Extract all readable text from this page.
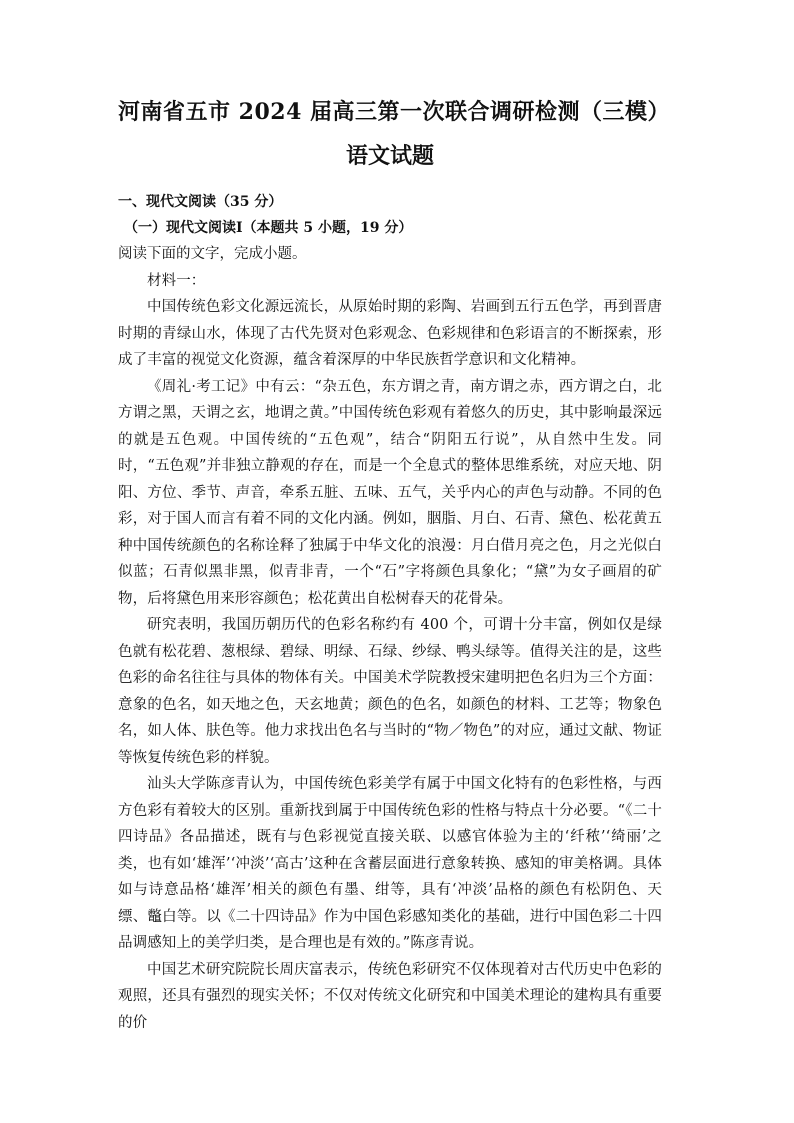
河南省五市 2024 届高三第一次联合调研检测（三模）
语文试题

一、现代文阅读（35 分）

（一）现代文阅读Ⅰ（本题共 5 小题，19 分）

阅读下面的文字，完成小题。

材料一：

中国传统色彩文化源远流长，从原始时期的彩陶、岩画到五行五色学，再到晋唐时期的青绿山水，体现了古代先贤对色彩观念、色彩规律和色彩语言的不断探索，形成了丰富的视觉文化资源，蕴含着深厚的中华民族哲学意识和文化精神。

《周礼·考工记》中有云：“杂五色，东方谓之青，南方谓之赤，西方谓之白，北方谓之黑，天谓之玄，地谓之黄。”中国传统色彩观有着悠久的历史，其中影响最深远的就是五色观。中国传统的“五色观”，结合“阴阳五行说”，从自然中生发。同时，“五色观”并非独立静观的存在，而是一个全息式的整体思维系统，对应天地、阴阳、方位、季节、声音，牵系五脏、五味、五气，关乎内心的声色与动静。不同的色彩，对于国人而言有着不同的文化内涵。例如，胭脂、月白、石青、黛色、松花黄五种中国传统颜色的名称诠释了独属于中华文化的浪漫：月白借月亮之色，月之光似白似蓝；石青似黑非黑，似青非青，一个“石”字将颜色具象化；“黛”为女子画眉的矿物，后将黛色用来形容颜色；松花黄出自松树春天的花骨朵。

研究表明，我国历朝历代的色彩名称约有 400 个，可谓十分丰富，例如仅是绿色就有松花碧、葱根绿、碧绿、明绿、石绿、纱绿、鸭头绿等。值得关注的是，这些色彩的命名往往与具体的物体有关。中国美术学院教授宋建明把色名归为三个方面：意象的色名，如天地之色，天玄地黄；颜色的色名，如颜色的材料、工艺等；物象色名，如人体、肤色等。他力求找出色名与当时的“物／物色”的对应，通过文献、物证等恢复传统色彩的样貌。

汕头大学陈彦青认为，中国传统色彩美学有属于中国文化特有的色彩性格，与西方色彩有着较大的区别。重新找到属于中国传统色彩的性格与特点十分必要。“《二十四诗品》各品描述，既有与色彩视觉直接关联、以感官体验为主的‘纤秾’‘绮丽’之类，也有如‘雄浑’‘冲淡’‘高古’这种在含蓄层面进行意象转换、感知的审美格调。具体如与诗意品格‘雄浑’相关的颜色有墨、绀等，具有‘冲淡’品格的颜色有松阴色、天缥、鼈白等。以《二十四诗品》作为中国色彩感知类化的基础，进行中国色彩二十四品调感知上的美学归类，是合理也是有效的。”陈彦青说。

中国艺术研究院院长周庆富表示，传统色彩研究不仅体现着对古代历史中色彩的观照，还具有强烈的现实关怀；不仅对传统文化研究和中国美术理论的建构具有重要的价
